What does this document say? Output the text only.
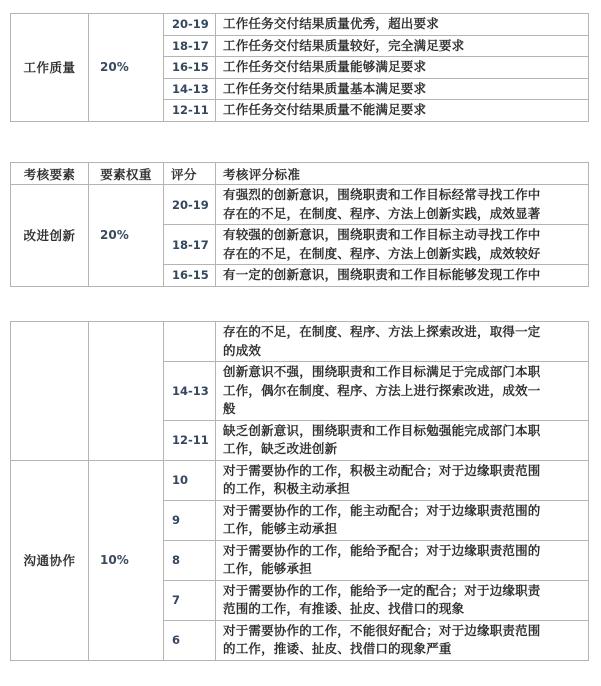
工作质量	20%	20-19	工作任务交付结果质量优秀，超出要求

		18-17	工作任务交付结果质量较好，完全满足要求

		16-15	工作任务交付结果质量能够满足要求

		14-13	工作任务交付结果质量基本满足要求

		12-11	工作任务交付结果质量不能满足要求
考核要素	要素权重	评分	考核评分标准
改进创新	20%	20-19	有强烈的创新意识，围绕职责和工作目标经常寻找工作中
存在的不足，在制度、程序、方法上创新实践，成效显著

		18-17	有较强的创新意识，围绕职责和工作目标主动寻找工作中
存在的不足，在制度、程序、方法上创新实践，成效较好

		16-15	有一定的创新意识，围绕职责和工作目标能够发现工作中

			存在的不足，在制度、程序、方法上探索改进，取得一定
的成效

		14-13	创新意识不强，围绕职责和工作目标满足于完成部门本职
工作，偶尔在制度、程序、方法上进行探索改进，成效一
般

		12-11	缺乏创新意识，围绕职责和工作目标勉强能完成部门本职
工作，缺乏改进创新

沟通协作	10%	10	对于需要协作的工作，积极主动配合；对于边缘职责范围
的工作，积极主动承担

		9	对于需要协作的工作，能主动配合；对于边缘职责范围的
工作，能够主动承担

		8	对于需要协作的工作，能给予配合；对于边缘职责范围的
工作，能够承担

		7	对于需要协作的工作，能给予一定的配合；对于边缘职责
范围的工作，有推诿、扯皮、找借口的现象

		6	对于需要协作的工作，不能很好配合；对于边缘职责范围
的工作，推诿、扯皮、找借口的现象严重
